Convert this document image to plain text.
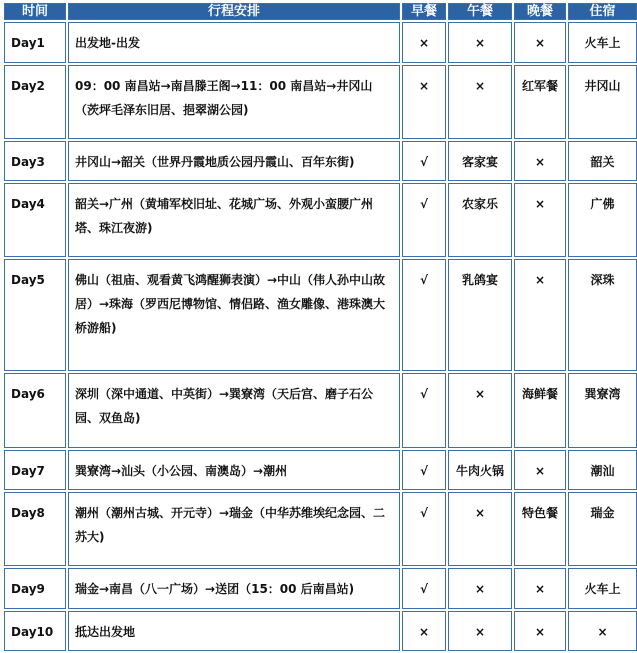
时间	行程安排	早餐	午餐	晚餐	住宿
Day1	出发地-出发	×	×	×	火车上
Day2	09：00 南昌站→南昌滕王阁→11：00 南昌站→井冈山（茨坪毛泽东旧居、挹翠湖公园)	×	×	红军餐	井冈山
Day3	井冈山→韶关（世界丹霞地质公园丹霞山、百年东街)	√	客家宴	×	韶关
Day4	韶关→广州（黄埔军校旧址、花城广场、外观小蛮腰广州塔、珠江夜游)	√	农家乐	×	广佛
Day5	佛山（祖庙、观看黄飞鸿醒狮表演）→中山（伟人孙中山故居）→珠海（罗西尼博物馆、情侣路、渔女雕像、港珠澳大桥游船)	√	乳鸽宴	×	深珠
Day6	深圳（深中通道、中英街）→巽寮湾（天后宫、磨子石公园、双鱼岛)	√	×	海鲜餐	巽寮湾
Day7	巽寮湾→汕头（小公园、南澳岛）→潮州	√	牛肉火锅	×	潮汕
Day8	潮州（潮州古城、开元寺）→瑞金（中华苏维埃纪念园、二苏大)	√	×	特色餐	瑞金
Day9	瑞金→南昌（八一广场）→送团（15：00 后南昌站)	√	×	×	火车上
Day10	抵达出发地	×	×	×	×
